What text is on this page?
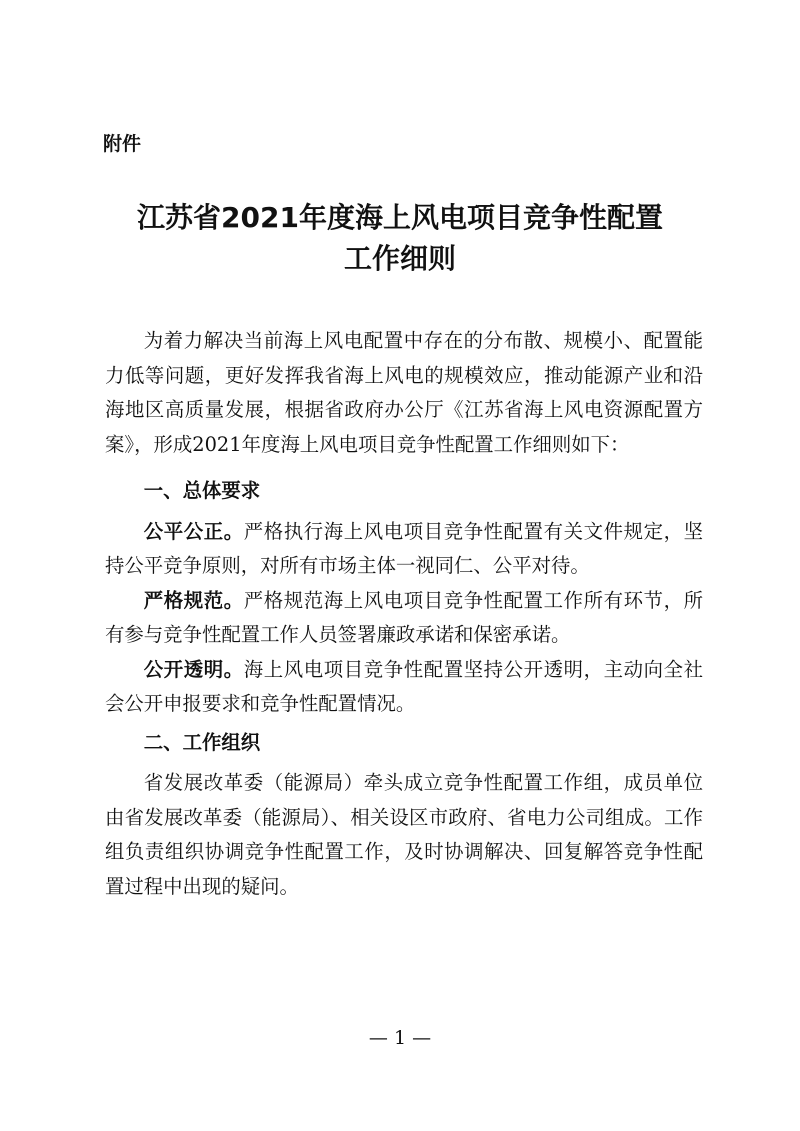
附件
江苏省2021年度海上风电项目竞争性配置
工作细则

为着力解决当前海上风电配置中存在的分布散、规模小、配置能力低等问题，更好发挥我省海上风电的规模效应，推动能源产业和沿海地区高质量发展，根据省政府办公厅《江苏省海上风电资源配置方案》，形成2021年度海上风电项目竞争性配置工作细则如下：

一、总体要求

公平公正。严格执行海上风电项目竞争性配置有关文件规定，坚持公平竞争原则，对所有市场主体一视同仁、公平对待。

严格规范。严格规范海上风电项目竞争性配置工作所有环节，所有参与竞争性配置工作人员签署廉政承诺和保密承诺。

公开透明。海上风电项目竞争性配置坚持公开透明，主动向全社会公开申报要求和竞争性配置情况。

二、工作组织

省发展改革委（能源局）牵头成立竞争性配置工作组，成员单位由省发展改革委（能源局）、相关设区市政府、省电力公司组成。工作组负责组织协调竞争性配置工作，及时协调解决、回复解答竞争性配置过程中出现的疑问。

— 1 —
